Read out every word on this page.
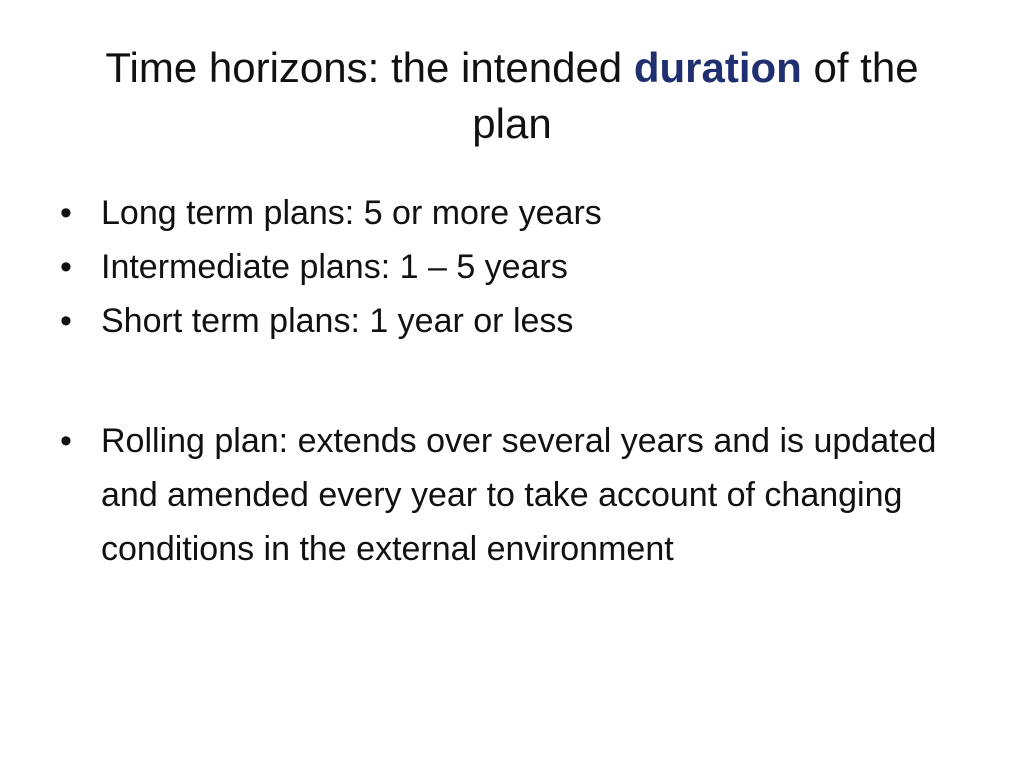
Time horizons: the intended duration of the plan
• Long term plans: 5 or more years
• Intermediate plans: 1 – 5 years
• Short term plans: 1 year or less
• Rolling plan: extends over several years and is updated and amended every year to take account of changing conditions in the external environment
